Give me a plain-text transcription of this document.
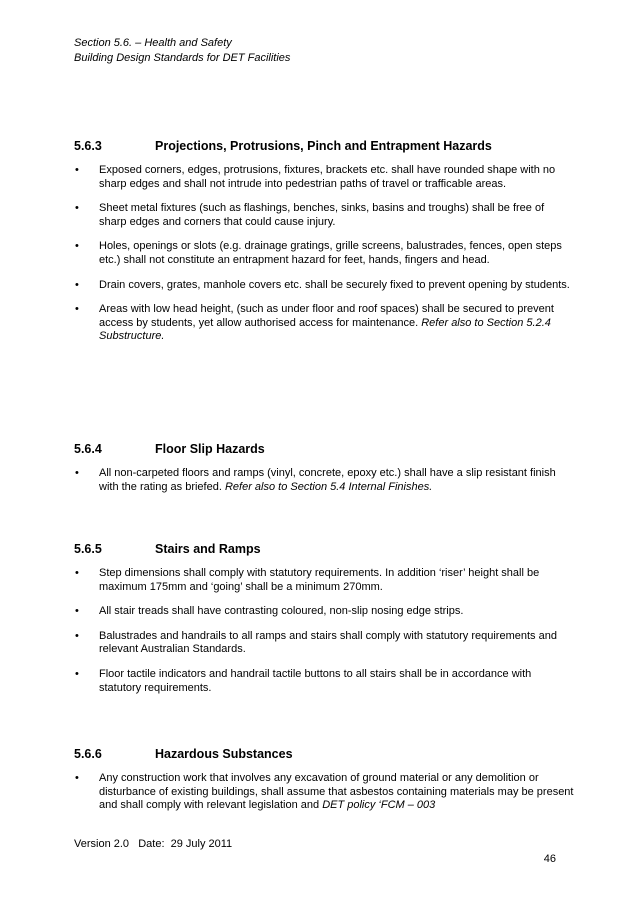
Section 5.6. – Health and Safety
Building Design Standards for DET Facilities
5.6.3	Projections, Protrusions, Pinch and Entrapment Hazards
• Exposed corners, edges, protrusions, fixtures, brackets etc. shall have rounded shape with no sharp edges and shall not intrude into pedestrian paths of travel or trafficable areas.
• Sheet metal fixtures (such as flashings, benches, sinks, basins and troughs) shall be free of sharp edges and corners that could cause injury.
• Holes, openings or slots (e.g. drainage gratings, grille screens, balustrades, fences, open steps etc.) shall not constitute an entrapment hazard for feet, hands, fingers and head.
• Drain covers, grates, manhole covers etc. shall be securely fixed to prevent opening by students.
• Areas with low head height, (such as under floor and roof spaces) shall be secured to prevent access by students, yet allow authorised access for maintenance. Refer also to Section 5.2.4 Substructure.
5.6.4	Floor Slip Hazards
• All non-carpeted floors and ramps (vinyl, concrete, epoxy etc.) shall have a slip resistant finish with the rating as briefed. Refer also to Section 5.4 Internal Finishes.
5.6.5	Stairs and Ramps
• Step dimensions shall comply with statutory requirements. In addition ‘riser’ height shall be maximum 175mm and ‘going’ shall be a minimum 270mm.
• All stair treads shall have contrasting coloured, non-slip nosing edge strips.
• Balustrades and handrails to all ramps and stairs shall comply with statutory requirements and relevant Australian Standards.
• Floor tactile indicators and handrail tactile buttons to all stairs shall be in accordance with statutory requirements.
5.6.6	Hazardous Substances
• Any construction work that involves any excavation of ground material or any demolition or disturbance of existing buildings, shall assume that asbestos containing materials may be present and shall comply with relevant legislation and DET policy ‘FCM – 003
Version 2.0   Date:  29 July 2011
46
